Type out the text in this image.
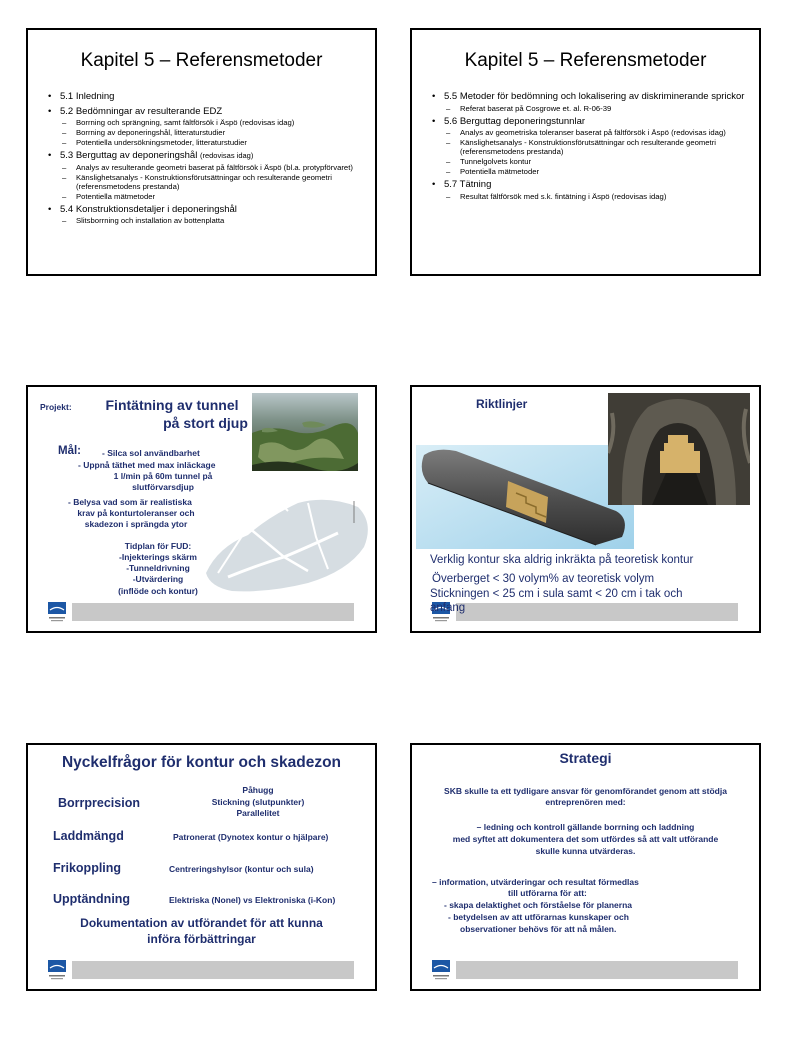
Kapitel 5 – Referensmetoder
• 5.1 Inledning
• 5.2 Bedömningar av resulterande EDZ
– Borrning och sprängning, samt fältförsök i Äspö (redovisas idag)
– Borrning av deponeringshål, litteraturstudier
– Potentiella undersökningsmetoder, litteraturstudier
• 5.3 Berguttag av deponeringshål (redovisas idag)
– Analys av resulterande geometri baserat på fältförsök i Äspö (bl.a. protypförvaret)
– Känslighetsanalys - Konstruktionsförutsättningar och resulterande geometri (referensmetodens prestanda)
– Potentiella mätmetoder
• 5.4 Konstruktionsdetaljer i deponeringshål
– Slitsborrning och installation av bottenplatta
Kapitel 5 – Referensmetoder
• 5.5 Metoder för bedömning och lokalisering av diskriminerande sprickor
– Referat baserat på Cosgrowe et. al. R-06-39
• 5.6 Berguttag deponeringstunnlar
– Analys av geometriska toleranser baserat på fältförsök i Äspö (redovisas idag)
– Känslighetsanalys - Konstruktionsförutsättningar och resulterande geometri (referensmetodens prestanda)
– Tunnelgolvets kontur
– Potentiella mätmetoder
• 5.7 Tätning
– Resultat fältförsök med s.k. fintätning i Äspö (redovisas idag)
Projekt:	Fintätning av tunnel
på stort djup
Mål: - Silca sol användbarhet
- Uppnå täthet med max inläckage
1 l/min på 60m tunnel på
slutförvarsdjup
- Belysa vad som är realistiska
krav på konturtoleranser och
skadezon i sprängda ytor
Tidplan för FUD:
-Injekterings skärm
-Tunneldrivning
-Utvärdering
(inflöde och kontur)
Riktlinjer
Verklig kontur ska aldrig inkräkta på teoretisk kontur
Överberget < 30 volym% av teoretisk volym
Stickningen < 25 cm i sula samt < 20 cm i tak och
anfang
Nyckelfrågor för kontur och skadezon
Borrprecision
Påhugg
Stickning (slutpunkter)
Parallelitet
Laddmängd	Patronerat (Dynotex kontur o hjälpare)
Frikoppling	Centreringshylsor (kontur och sula)
Upptändning	Elektriska (Nonel) vs Elektroniska (i-Kon)
Dokumentation av utförandet för att kunna
införa förbättringar
Strategi
SKB skulle ta ett tydligare ansvar för genomförandet genom att stödja
entreprenören med:
– ledning och kontroll gällande borrning och laddning
med syftet att dokumentera det som utfördes så att valt utförande
skulle kunna utvärderas.
– information, utvärderingar och resultat förmedlas
till utförarna för att:
- skapa delaktighet och förståelse för planerna
- betydelsen av att utförarnas kunskaper och
observationer behövs för att nå målen.
